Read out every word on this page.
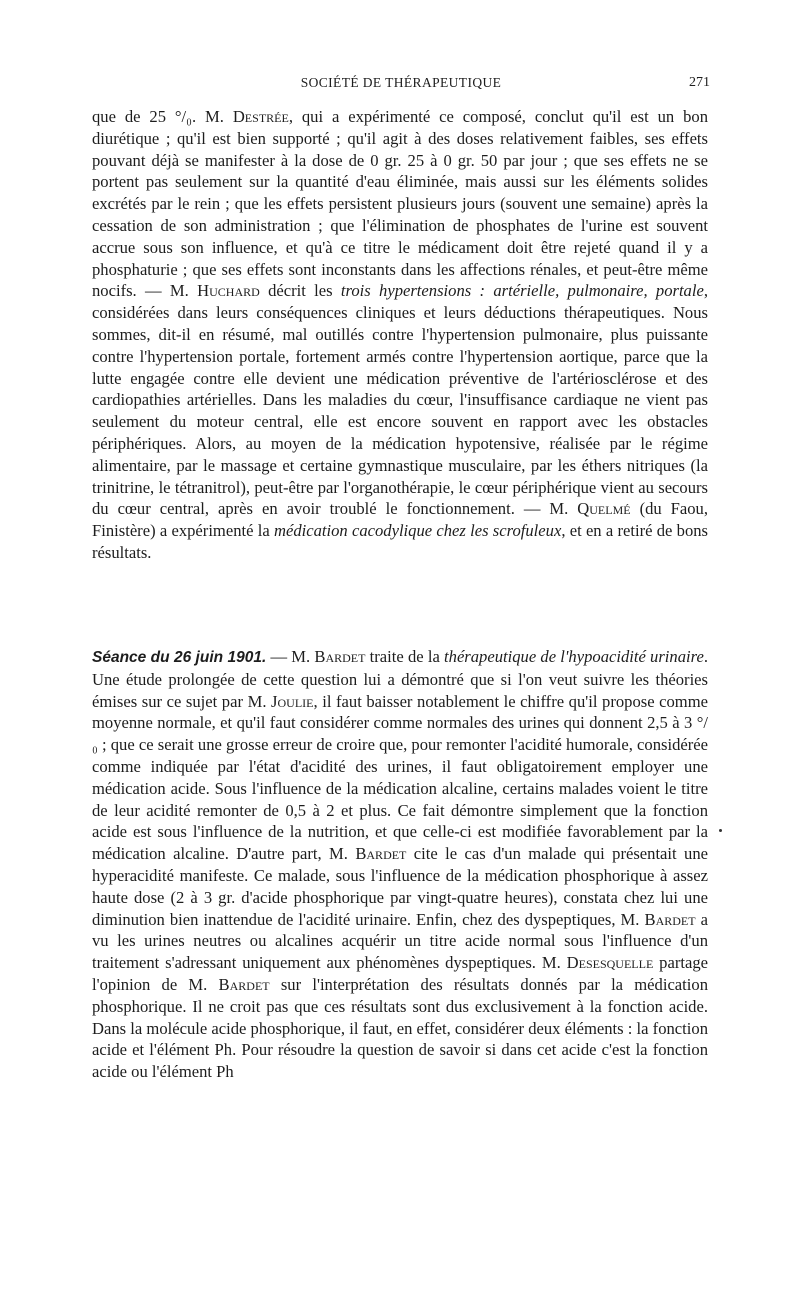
SOCIÉTÉ DE THÉRAPEUTIQUE	271

que de 25 °/₀. M. Destrée, qui a expérimenté ce composé, conclut qu'il est un bon diurétique ; qu'il est bien supporté ; qu'il agit à des doses relativement faibles, ses effets pouvant déjà se manifester à la dose de 0 gr. 25 à 0 gr. 50 par jour ; que ses effets ne se portent pas seulement sur la quantité d'eau éliminée, mais aussi sur les éléments solides excrétés par le rein ; que les effets persistent plusieurs jours (souvent une semaine) après la cessation de son administration ; que l'élimination de phosphates de l'urine est souvent accrue sous son influence, et qu'à ce titre le médicament doit être rejeté quand il y a phosphaturie ; que ses effets sont inconstants dans les affections rénales, et peut-être même nocifs. — M. Huchard décrit les trois hypertensions : artérielle, pulmonaire, portale, considérées dans leurs conséquences cliniques et leurs déductions thérapeutiques. Nous sommes, dit-il en résumé, mal outillés contre l'hypertension pulmonaire, plus puissante contre l'hypertension portale, fortement armés contre l'hypertension aortique, parce que la lutte engagée contre elle devient une médication préventive de l'artériosclérose et des cardiopathies artérielles. Dans les maladies du cœur, l'insuffisance cardiaque ne vient pas seulement du moteur central, elle est encore souvent en rapport avec les obstacles périphériques. Alors, au moyen de la médication hypotensive, réalisée par le régime alimentaire, par le massage et certaine gymnastique musculaire, par les éthers nitriques (la trinitrine, le tétranitrol), peut-être par l'organothérapie, le cœur périphérique vient au secours du cœur central, après en avoir troublé le fonctionnement. — M. Quelmé (du Faou, Finistère) a expérimenté la médication cacodylique chez les scrofuleux, et en a retiré de bons résultats.

Séance du 26 juin 1901. — M. Bardet traite de la thérapeutique de l'hypoacidité urinaire. Une étude prolongée de cette question lui a démontré que si l'on veut suivre les théories émises sur ce sujet par M. Joulie, il faut baisser notablement le chiffre qu'il propose comme moyenne normale, et qu'il faut considérer comme normales des urines qui donnent 2,5 à 3 °/₀ ; que ce serait une grosse erreur de croire que, pour remonter l'acidité humorale, considérée comme indiquée par l'état d'acidité des urines, il faut obligatoirement employer une médication acide. Sous l'influence de la médication alcaline, certains malades voient le titre de leur acidité remonter de 0,5 à 2 et plus. Ce fait démontre simplement que la fonction acide est sous l'influence de la nutrition, et que celle-ci est modifiée favorablement par la médication alcaline. D'autre part, M. Bardet cite le cas d'un malade qui présentait une hyperacidité manifeste. Ce malade, sous l'influence de la médication phosphorique à assez haute dose (2 à 3 gr. d'acide phosphorique par vingt-quatre heures), constata chez lui une diminution bien inattendue de l'acidité urinaire. Enfin, chez des dyspeptiques, M. Bardet a vu les urines neutres ou alcalines acquérir un titre acide normal sous l'influence d'un traitement s'adressant uniquement aux phénomènes dyspeptiques. M. Desesquelle partage l'opinion de M. Bardet sur l'interprétation des résultats donnés par la médication phosphorique. Il ne croit pas que ces résultats sont dus exclusivement à la fonction acide. Dans la molécule acide phosphorique, il faut, en effet, considérer deux éléments : la fonction acide et l'élément Ph. Pour résoudre la question de savoir si dans cet acide c'est la fonction acide ou l'élément Ph
